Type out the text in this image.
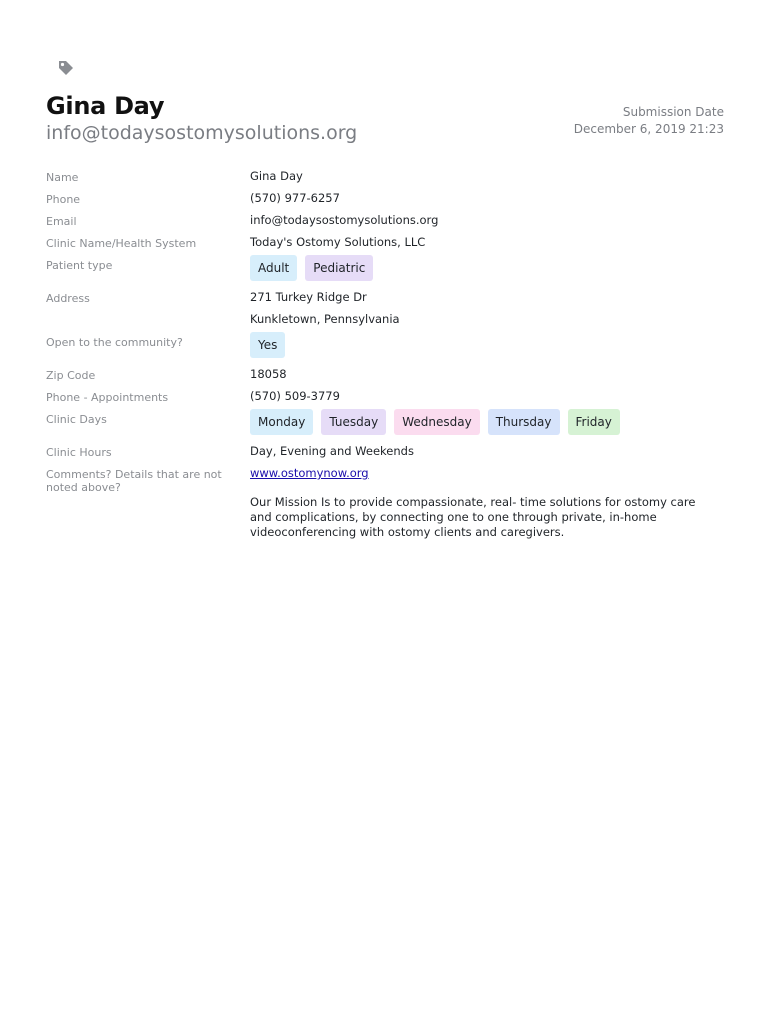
Gina Day
info@todaysostomysolutions.org
Submission Date
December 6, 2019 21:23
Name	Gina Day
Phone	(570) 977-6257
Email	info@todaysostomysolutions.org
Clinic Name/Health System	Today's Ostomy Solutions, LLC
Patient type	Adult	Pediatric
Address	271 Turkey Ridge Dr
Kunkletown, Pennsylvania
Open to the community?	Yes
Zip Code	18058
Phone - Appointments	(570) 509-3779
Clinic Days	Monday	Tuesday	Wednesday	Thursday	Friday
Clinic Hours	Day, Evening and Weekends
Comments? Details that are not noted above?
www.ostomynow.org
Our Mission Is to provide compassionate, real- time solutions for ostomy care and complications, by connecting one to one through private, in-home videoconferencing with ostomy clients and caregivers.
